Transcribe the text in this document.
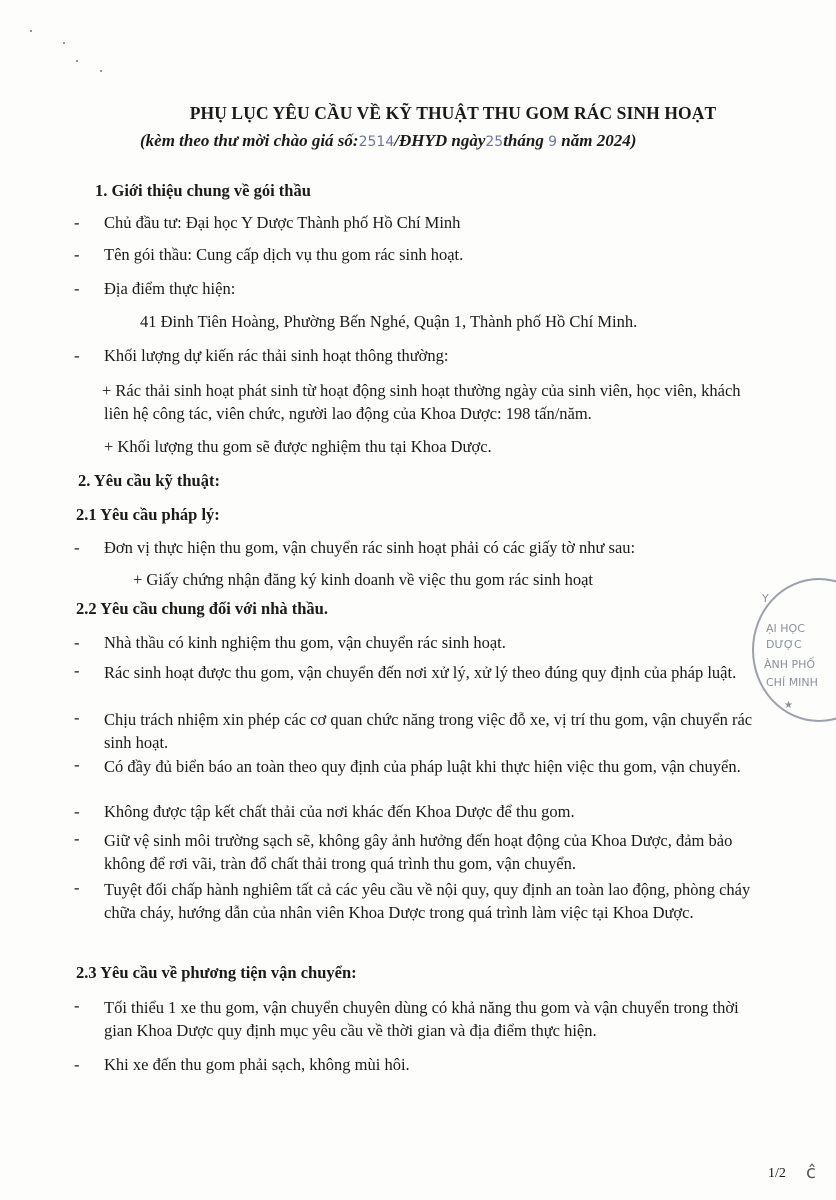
PHỤ LỤC YÊU CẦU VỀ KỸ THUẬT THU GOM RÁC SINH HOẠT
(kèm theo thư mời chào giá số:2514/ĐHYD ngày25tháng 9 năm 2024)
1. Giới thiệu chung về gói thầu
- Chủ đầu tư: Đại học Y Dược Thành phố Hồ Chí Minh
- Tên gói thầu: Cung cấp dịch vụ thu gom rác sinh hoạt.
- Địa điểm thực hiện:
41 Đinh Tiên Hoàng, Phường Bến Nghé, Quận 1, Thành phố Hồ Chí Minh.
- Khối lượng dự kiến rác thải sinh hoạt thông thường:
+ Rác thải sinh hoạt phát sinh từ hoạt động sinh hoạt thường ngày của sinh viên, học viên, khách liên hệ công tác, viên chức, người lao động của Khoa Dược: 198 tấn/năm.
+ Khối lượng thu gom sẽ được nghiệm thu tại Khoa Dược.
2. Yêu cầu kỹ thuật:
2.1 Yêu cầu pháp lý:
- Đơn vị thực hiện thu gom, vận chuyển rác sinh hoạt phải có các giấy tờ như sau:
+ Giấy chứng nhận đăng ký kinh doanh về việc thu gom rác sinh hoạt
2.2 Yêu cầu chung đối với nhà thầu.
- Nhà thầu có kinh nghiệm thu gom, vận chuyển rác sinh hoạt.
- Rác sinh hoạt được thu gom, vận chuyển đến nơi xử lý, xử lý theo đúng quy định của pháp luật.
- Chịu trách nhiệm xin phép các cơ quan chức năng trong việc đỗ xe, vị trí thu gom, vận chuyển rác sinh hoạt.
- Có đầy đủ biển báo an toàn theo quy định của pháp luật khi thực hiện việc thu gom, vận chuyển.
- Không được tập kết chất thải của nơi khác đến Khoa Dược để thu gom.
- Giữ vệ sinh môi trường sạch sẽ, không gây ảnh hưởng đến hoạt động của Khoa Dược, đảm bảo không để rơi vãi, tràn đổ chất thải trong quá trình thu gom, vận chuyển.
- Tuyệt đối chấp hành nghiêm tất cả các yêu cầu về nội quy, quy định an toàn lao động, phòng cháy chữa cháy, hướng dẫn của nhân viên Khoa Dược trong quá trình làm việc tại Khoa Dược.
2.3 Yêu cầu về phương tiện vận chuyển:
- Tối thiểu 1 xe thu gom, vận chuyển chuyên dùng có khả năng thu gom và vận chuyển trong thời gian Khoa Dược quy định mục yêu cầu về thời gian và địa điểm thực hiện.
- Khi xe đến thu gom phải sạch, không mùi hôi.
Y
ẠI HỌC
DƯỢC
ÀNH PHỐ
CHÍ MINH
★
1/2 ĉ
